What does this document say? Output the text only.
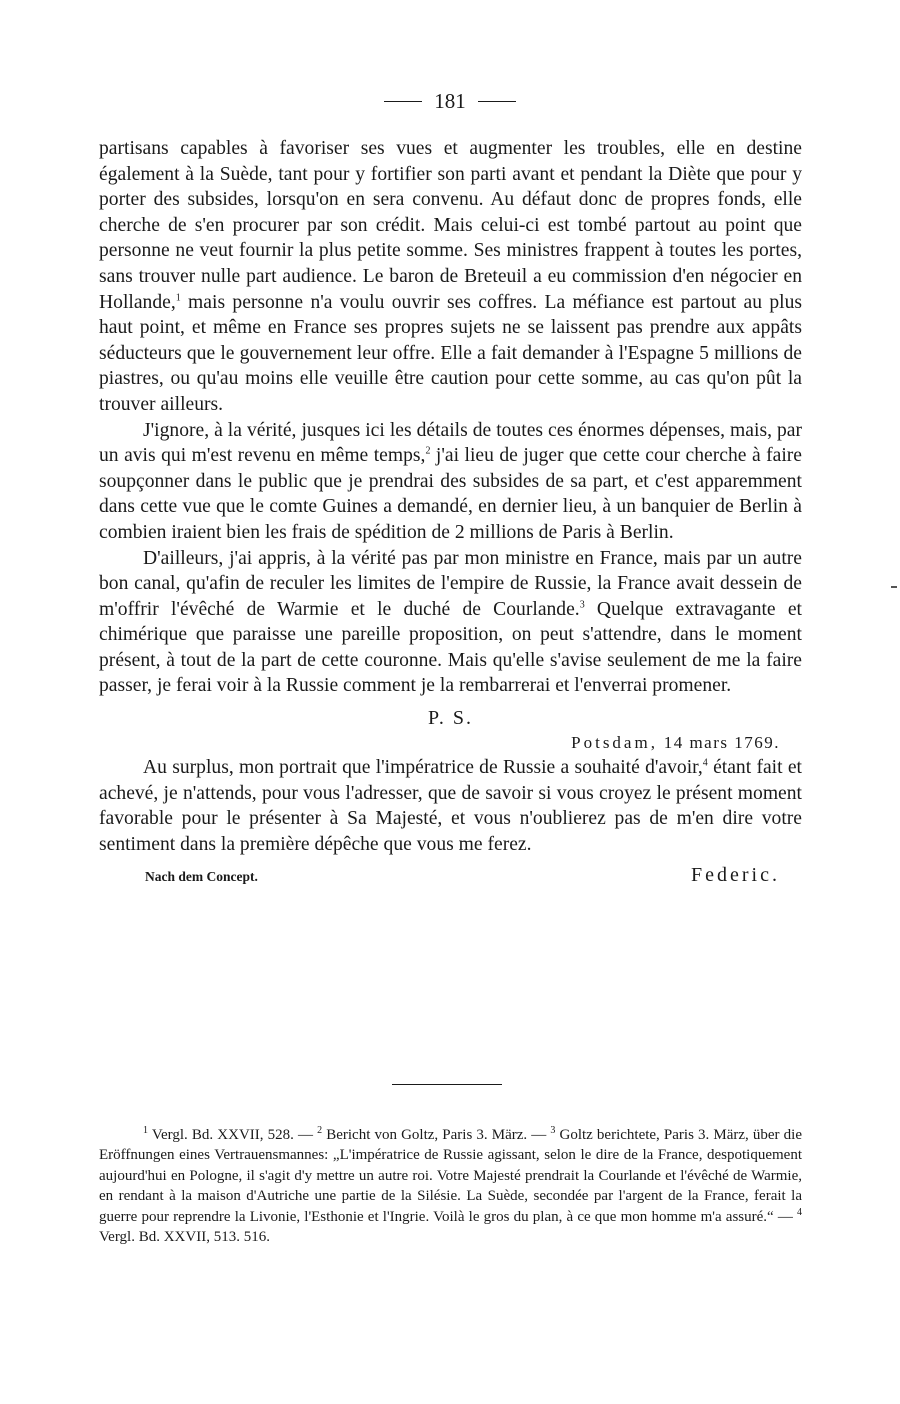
181

partisans capables à favoriser ses vues et augmenter les troubles, elle en destine également à la Suède, tant pour y fortifier son parti avant et pendant la Diète que pour y porter des subsides, lorsqu'on en sera convenu. Au défaut donc de propres fonds, elle cherche de s'en procurer par son crédit. Mais celui-ci est tombé partout au point que personne ne veut fournir la plus petite somme. Ses ministres frappent à toutes les portes, sans trouver nulle part audience. Le baron de Breteuil a eu commission d'en négocier en Hollande,$^1$ mais personne n'a voulu ouvrir ses coffres. La méfiance est partout au plus haut point, et même en France ses propres sujets ne se laissent pas prendre aux appâts séducteurs que le gouvernement leur offre. Elle a fait demander à l'Espagne 5 millions de piastres, ou qu'au moins elle veuille être caution pour cette somme, au cas qu'on pût la trouver ailleurs.

J'ignore, à la vérité, jusques ici les détails de toutes ces énormes dépenses, mais, par un avis qui m'est revenu en même temps,$^2$ j'ai lieu de juger que cette cour cherche à faire soupçonner dans le public que je prendrai des subsides de sa part, et c'est apparemment dans cette vue que le comte Guines a demandé, en dernier lieu, à un banquier de Berlin à combien iraient bien les frais de spédition de 2 millions de Paris à Berlin.

D'ailleurs, j'ai appris, à la vérité pas par mon ministre en France, mais par un autre bon canal, qu'afin de reculer les limites de l'empire de Russie, la France avait dessein de m'offrir l'évêché de Warmie et le duché de Courlande.$^3$ Quelque extravagante et chimérique que paraisse une pareille proposition, on peut s'attendre, dans le moment présent, à tout de la part de cette couronne. Mais qu'elle s'avise seulement de me la faire passer, je ferai voir à la Russie comment je la rembarrerai et l'enverrai promener.

P. S.
Potsdam, 14 mars 1769.

Au surplus, mon portrait que l'impératrice de Russie a souhaité d'avoir,$^4$ étant fait et achevé, je n'attends, pour vous l'adresser, que de savoir si vous croyez le présent moment favorable pour le présenter à Sa Majesté, et vous n'oublierez pas de m'en dire votre sentiment dans la première dépêche que vous me ferez.

Nach dem Concept.	Federic.

$^1$ Vergl. Bd. XXVII, 528. — $^2$ Bericht von Goltz, Paris 3. März. — $^3$ Goltz berichtete, Paris 3. März, über die Eröffnungen eines Vertrauensmannes: „L'impératrice de Russie agissant, selon le dire de la France, despotiquement aujourd'hui en Pologne, il s'agit d'y mettre un autre roi. Votre Majesté prendrait la Courlande et l'évêché de Warmie, en rendant à la maison d'Autriche une partie de la Silésie. La Suède, secondée par l'argent de la France, ferait la guerre pour reprendre la Livonie, l'Esthonie et l'Ingrie. Voilà le gros du plan, à ce que mon homme m'a assuré.“ — $^4$ Vergl. Bd. XXVII, 513. 516.
